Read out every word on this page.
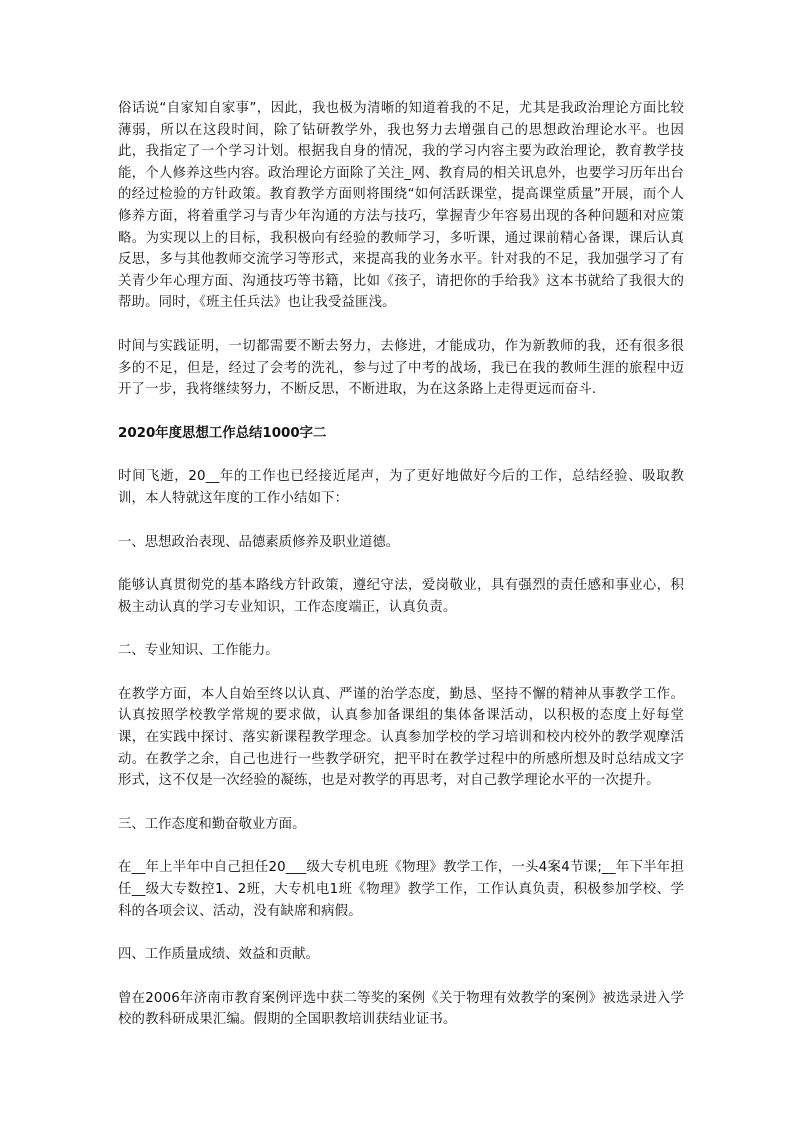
俗话说“自家知自家事”，因此，我也极为清晰的知道着我的不足，尤其是我政治理论方面比较薄弱，所以在这段时间，除了钻研教学外，我也努力去增强自己的思想政治理论水平。也因此，我指定了一个学习计划。根据我自身的情况，我的学习内容主要为政治理论，教育教学技能，个人修养这些内容。政治理论方面除了关注_网、教育局的相关讯息外，也要学习历年出台的经过检验的方针政策。教育教学方面则将围绕“如何活跃课堂，提高课堂质量”开展，而个人修养方面，将着重学习与青少年沟通的方法与技巧，掌握青少年容易出现的各种问题和对应策略。为实现以上的目标，我积极向有经验的教师学习，多听课，通过课前精心备课，课后认真反思，多与其他教师交流学习等形式，来提高我的业务水平。针对我的不足，我加强学习了有关青少年心理方面、沟通技巧等书籍，比如《孩子，请把你的手给我》这本书就给了我很大的帮助。同时，《班主任兵法》也让我受益匪浅。

时间与实践证明，一切都需要不断去努力，去修进，才能成功，作为新教师的我，还有很多很多的不足，但是，经过了会考的洗礼，参与过了中考的战场，我已在我的教师生涯的旅程中迈开了一步，我将继续努力，不断反思，不断进取，为在这条路上走得更远而奋斗.

2020年度思想工作总结1000字二

时间飞逝，20__年的工作也已经接近尾声，为了更好地做好今后的工作，总结经验、吸取教训，本人特就这年度的工作小结如下：

一、思想政治表现、品德素质修养及职业道德。

能够认真贯彻党的基本路线方针政策，遵纪守法，爱岗敬业，具有强烈的责任感和事业心，积极主动认真的学习专业知识，工作态度端正，认真负责。

二、专业知识、工作能力。

在教学方面，本人自始至终以认真、严谨的治学态度，勤恳、坚持不懈的精神从事教学工作。认真按照学校教学常规的要求做，认真参加备课组的集体备课活动，以积极的态度上好每堂课，在实践中探讨、落实新课程教学理念。认真参加学校的学习培训和校内校外的教学观摩活动。在教学之余，自己也进行一些教学研究，把平时在教学过程中的所感所想及时总结成文字形式，这不仅是一次经验的凝练，也是对教学的再思考，对自己教学理论水平的一次提升。

三、工作态度和勤奋敬业方面。

在__年上半年中自己担任20___级大专机电班《物理》教学工作，一头4案4节课;__年下半年担任__级大专数控1、2班，大专机电1班《物理》教学工作，工作认真负责，积极参加学校、学科的各项会议、活动，没有缺席和病假。

四、工作质量成绩、效益和贡献。

曾在2006年济南市教育案例评选中获二等奖的案例《关于物理有效教学的案例》被选录进入学校的教科研成果汇编。假期的全国职教培训获结业证书。
